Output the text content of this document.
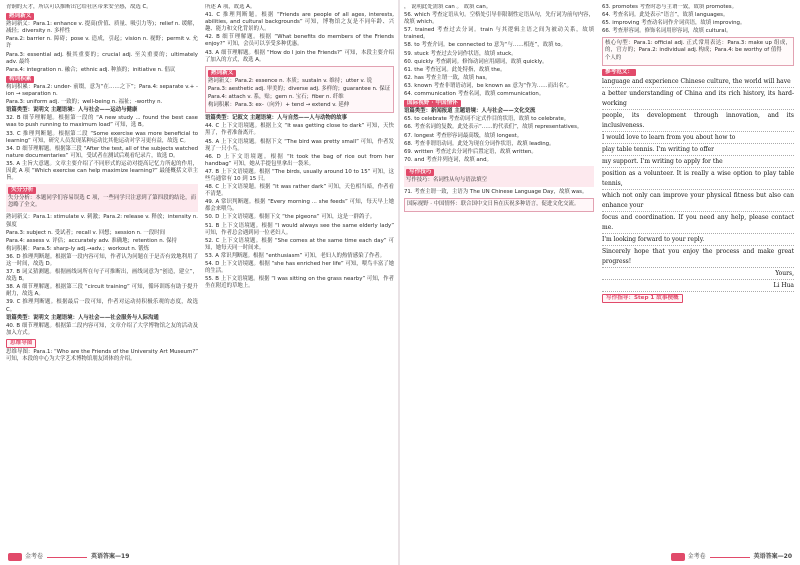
青铜的天才，所以可以推断出它给社区带来安全感，故选 C。

熟词新义

熟词新义：Para.1: enhance v. 提高(价值、质量、吸引力等)；relief n. 缓解，减轻；diversity n. 多样性

Para.2: barrier n. 障碍；pose v. 造成，引起；vision n. 视野；permit v. 允许

Para.3: essential adj. 极其重要的；crucial adj. 至关重要的；ultimately adv. 最终

Para.4: integration n. 融合；ethnic adj. 种族的；initiative n. 倡议

构词积累

构词积累：Para.2: under- 前缀，意为“在……之下”；Para.4: separate v.+ -ion → separation n.

Para.3: uniform adj. 一致的；well-being n. 福祉；-worthy n.

语篇类型：说明文 主题语境：人与社会——运动与健康

32. B 细节理解题。根据第一段的 “A new study ... found the best case was to push running to maximum load” 可知，选 B。

33. C 推理判断题。根据第二段 “Some exercise was more beneficial to learning” 可知，研究人员发现某种运动比其他运动对学习更有益，故选 C。

34. D 细节理解题。根据第三段 “After the test, all of the subjects watched nature documentaries” 可知，受试者在测试后观看纪录片，故选 D。

35. A 主旨大意题。文章主要介绍了不同形式的运动对提高记忆力所起的作用，因此 A 项 “Which exercise can help maximize learning?” 最能概括文章主旨。

失分分析

失分分析：本题同学们容易误选 C 项，一些同学只注意到了第四段的结论，而忽略了全文。

熟词新义：Para.1: stimulate v. 刺激；Para.2: release v. 释放；intensity n. 强度

Para.3: subject n. 受试者；recall v. 回想；session n. 一段时间

Para.4: assess v. 评估；accurately adv. 准确地；retention n. 保持

构词积累：Para.5: sharp-ly adj.→adv.；workout n. 锻炼

36. D 推理判断题。根据第一段内容可知，作者认为问题在于是否有效地利用了这一时间，故选 D。

37. B 词义猜测题。根据画线词所在句子可推断出，画线词意为“创造，建立”，故选 B。

38. A 细节理解题。根据第三段 “circuit training” 可知，循环训练有助于提升耐力，故选 A。

39. C 推理判断题。根据最后一段可知，作者对运动持积极乐观的态度，故选 C。

语篇类型：说明文 主题语境：人与社会——社会服务与人际沟通

40. B 细节理解题。根据第二段内容可知，文章介绍了大学博物馆之友的活动及加入方式。

思维导图

思维导图：Para.1: “Who are the Friends of the University Art Museum?” 可知，本段的中心为大学艺术博物馆朋友团体的介绍。

所述 A 项，故选 A。

41. C 推理判断题。根据 “Friends are people of all ages, interests, abilities, and cultural backgrounds” 可知，博物馆之友是不同年龄、兴趣、能力和文化背景的人。

42. B 细节理解题。根据 “What benefits do members of the Friends enjoy?” 可知，会员可以享受多种优惠。

43. A 细节理解题。根据 “How do I join the Friends?” 可知，本段主要介绍了加入的方式，故选 A。

熟词新义

熟词新义：Para.2: essence n. 本质；sustain v. 维持；utter v. 说

Para.3: aesthetic adj. 审美的；diverse adj. 多样的；guarantee n. 保证

Para.4: attach v. 系，贴；gem n. 宝石；fiber n. 纤维

构词积累：Para.3: ex-（向外）+ tend → extend v. 延伸

语篇类型：记叙文 主题语境：人与自然——人与动物的故事

44. C 上下文语境题。根据上文 “It was getting close to dark” 可知，天快黑了，作者准备离开。

45. A 上下文语境题。根据下文 “The bird was pretty small” 可知，作者发现了一只小鸟。

46. D 上下文语境题。根据 “It took the bag of rice out from her handbag” 可知，她从手提包里拿出一袋米。

47. B 上下文语境题。根据 “The birds, usually around 10 to 15” 可知，这些鸟通常有 10 到 15 只。

48. C 上下文语境题。根据 “it was rather dark” 可知，天色相当暗，作者看不清楚。

49. A 常识判断题。根据 “Every morning ... she feeds” 可知，每天早上她都会来喂鸟。

50. D 上下文语境题。根据下文 “the pigeons” 可知，这是一群鸽子。

51. B 上下文语境题。根据 “I would always see the same elderly lady” 可知，作者总会遇到同一位老妇人。

52. C 上下文语境题。根据 “She comes at the same time each day” 可知，她每天同一时间来。

53. A 常识判断题。根据 “enthusiasm” 可知，老妇人的热情感染了作者。

54. D 上下文语境题。根据 “she has enriched her life” 可知，喂鸟丰富了她的生活。

55. B 上下文语境题。根据 “I was sitting on the grass nearby” 可知，作者坐在附近的草地上。

， 说明此处需填 can 。 故填 can。

56. which 考查定语从句。空格处引导非限制性定语从句，先行词为前句内容，故填 which。

57. trained 考查过去分词。train 与其逻辑主语之间为被动关系，故填 trained。

58. to 考查介词。be connected to 意为“与……相连”，故填 to。

59. stuck 考查过去分词作状语，故填 stuck。

60. quickly 考查副词。修饰动词应用副词，故填 quickly。

61. the 考查冠词。此处特指，故填 the。

62. has 考查主谓一致，故填 has。

63. known 考查非谓语动词，be known as 意为“作为……而出名”。

64. communication 考查名词，故填 communication。

国际视野 · 中国情怀

语篇类型：新闻报道 主题语境：人与社会——文化交流

65. to celebrate 考查动词不定式作目的状语，故填 to celebrate。

66. 考查名词的复数。此处表示“……的代表们”，故填 representatives。

67. longest 考查形容词最高级，故填 longest。

68. 考查非谓语动词。此处为现在分词作状语，故填 leading。

69. written 考查过去分词作后置定语，故填 written。

70. and 考查并列连词，故填 and。

写作技巧

写作技巧：名词性从句与语法填空

71. 考查主谓一致，主语为 The UN Chinese Language Day，故填 was。

国际视野 · 中国情怀：联合国中文日旨在庆祝多种语言，促进文化交流。

63. promotes 考查时态与主谓一致，故填 promotes。

64. 考查名词。此处表示“语言”，故填 languages。

65. improving 考查动名词作介词宾语，故填 improving。

66. 考查形容词。修饰名词用形容词，故填 cultural。

核心句型：Para.1: official adj. 正式的，官方的；Para.2: individual adj. 个人的

常用表达：Para.3: make up 组成，构成；Para.4: be worthy of 值得

参考范文：

language and experience Chinese culture, the world will have

a better understanding of China and its rich history, its hard-working

people, its development through innovation, and its inclusiveness.

I would love to learn from you about how to

play table tennis. I'm writing to offer

my support. I'm writing to apply for the

position as a volunteer. It is really a wise option to play table tennis,

which not only can improve your physical fitness but also can enhance your

focus and coordination. If you need any help, please contact me.

I'm looking forward to your reply.

Sincerely hope that you enjoy the process and make great progress!

Yours,

Li Hua

写作指导：Step 1 故事梗概
金考卷	英语答案—19	金考卷	英语答案—20
